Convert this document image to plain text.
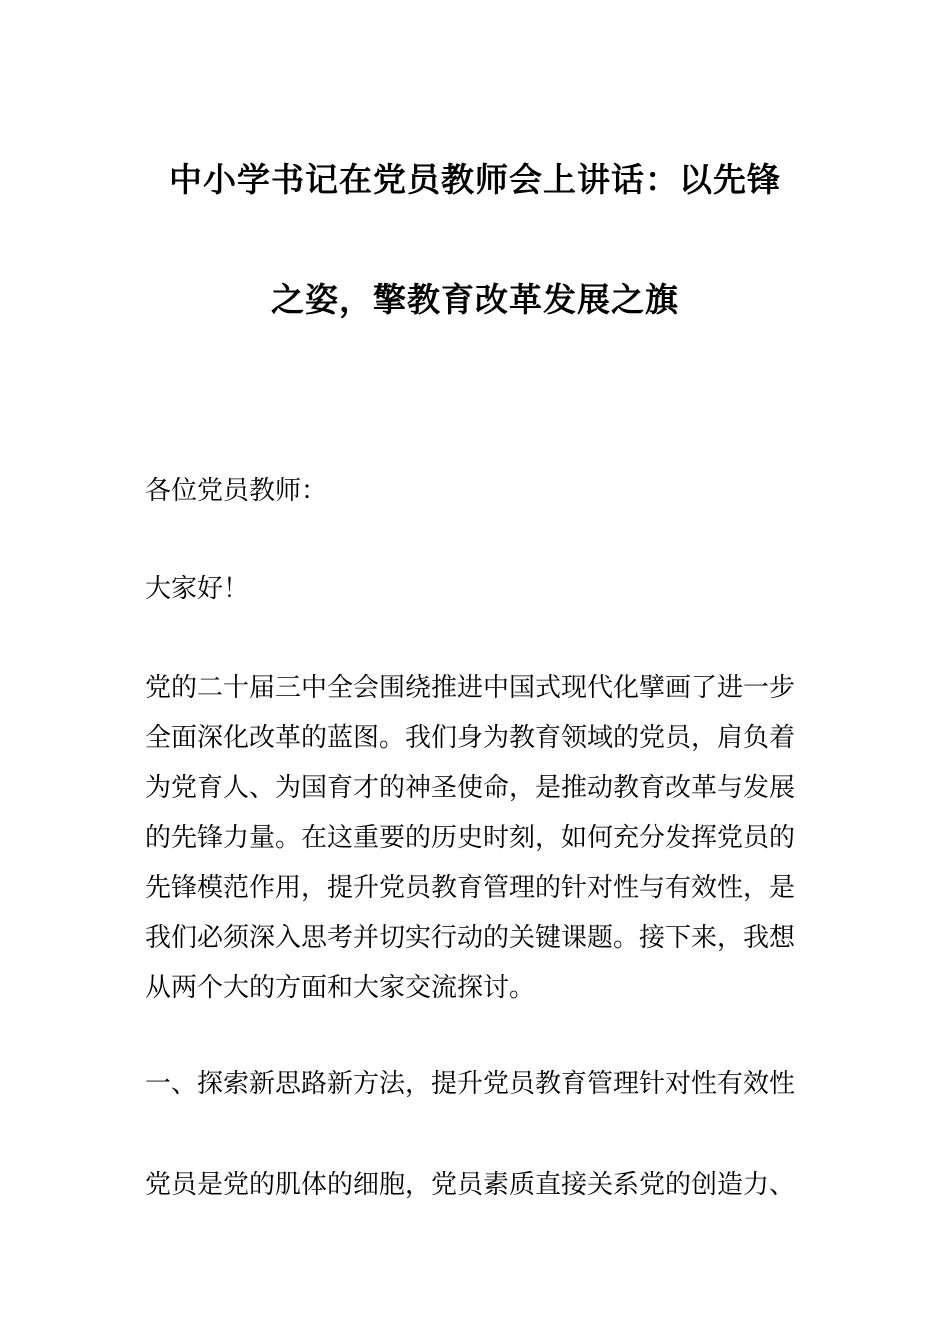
中小学书记在党员教师会上讲话：以先锋
之姿，擎教育改革发展之旗
各位党员教师：
大家好！
党的二十届三中全会围绕推进中国式现代化擘画了进一步
全面深化改革的蓝图。我们身为教育领域的党员，肩负着
为党育人、为国育才的神圣使命，是推动教育改革与发展
的先锋力量。在这重要的历史时刻，如何充分发挥党员的
先锋模范作用，提升党员教育管理的针对性与有效性，是
我们必须深入思考并切实行动的关键课题。接下来，我想
从两个大的方面和大家交流探讨。
一、探索新思路新方法，提升党员教育管理针对性有效性
党员是党的肌体的细胞，党员素质直接关系党的创造力、
